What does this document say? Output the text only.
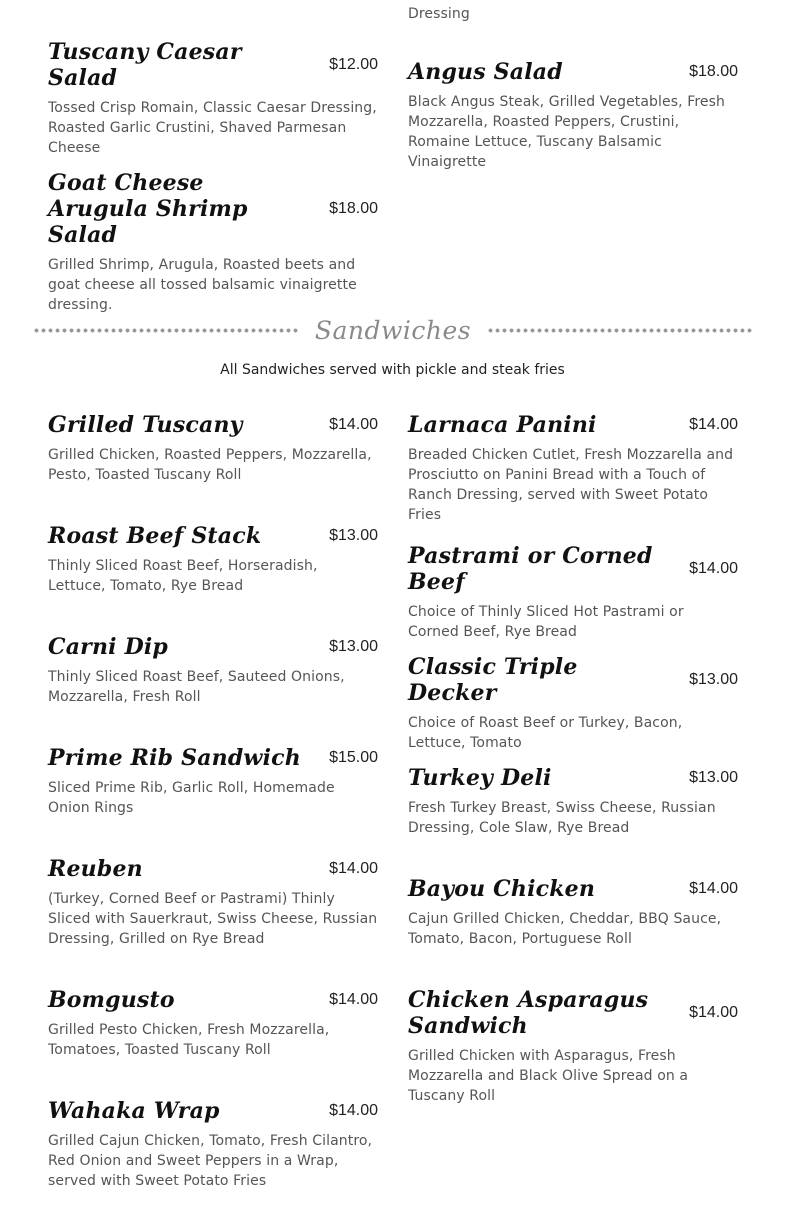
Dressing
Tuscany Caesar Salad
$12.00
Tossed Crisp Romain, Classic Caesar Dressing, Roasted Garlic Crustini, Shaved Parmesan Cheese
Goat Cheese Arugula Shrimp Salad
$18.00
Grilled Shrimp, Arugula, Roasted beets and goat cheese all tossed balsamic vinaigrette dressing.
Angus Salad	$18.00
Black Angus Steak, Grilled Vegetables, Fresh Mozzarella, Roasted Peppers, Crustini, Romaine Lettuce, Tuscany Balsamic Vinaigrette
Sandwiches
All Sandwiches served with pickle and steak fries
Grilled Tuscany	$14.00
Grilled Chicken, Roasted Peppers, Mozzarella, Pesto, Toasted Tuscany Roll
Roast Beef Stack	$13.00
Thinly Sliced Roast Beef, Horseradish, Lettuce, Tomato, Rye Bread
Carni Dip	$13.00
Thinly Sliced Roast Beef, Sauteed Onions, Mozzarella, Fresh Roll
Prime Rib Sandwich $15.00
Sliced Prime Rib, Garlic Roll, Homemade Onion Rings
Reuben	$14.00
(Turkey, Corned Beef or Pastrami) Thinly Sliced with Sauerkraut, Swiss Cheese, Russian Dressing, Grilled on Rye Bread
Bomgusto	$14.00
Grilled Pesto Chicken, Fresh Mozzarella, Tomatoes, Toasted Tuscany Roll
Wahaka Wrap	$14.00
Grilled Cajun Chicken, Tomato, Fresh Cilantro, Red Onion and Sweet Peppers in a Wrap, served with Sweet Potato Fries
Larnaca Panini	$14.00
Breaded Chicken Cutlet, Fresh Mozzarella and Prosciutto on Panini Bread with a Touch of Ranch Dressing, served with Sweet Potato Fries
Pastrami or Corned Beef
$14.00
Choice of Thinly Sliced Hot Pastrami or Corned Beef, Rye Bread
Classic Triple Decker
$13.00
Choice of Roast Beef or Turkey, Bacon, Lettuce, Tomato
Turkey Deli	$13.00
Fresh Turkey Breast, Swiss Cheese, Russian Dressing, Cole Slaw, Rye Bread
Bayou Chicken	$14.00
Cajun Grilled Chicken, Cheddar, BBQ Sauce, Tomato, Bacon, Portuguese Roll
Chicken Asparagus Sandwich
$14.00
Grilled Chicken with Asparagus, Fresh Mozzarella and Black Olive Spread on a Tuscany Roll
